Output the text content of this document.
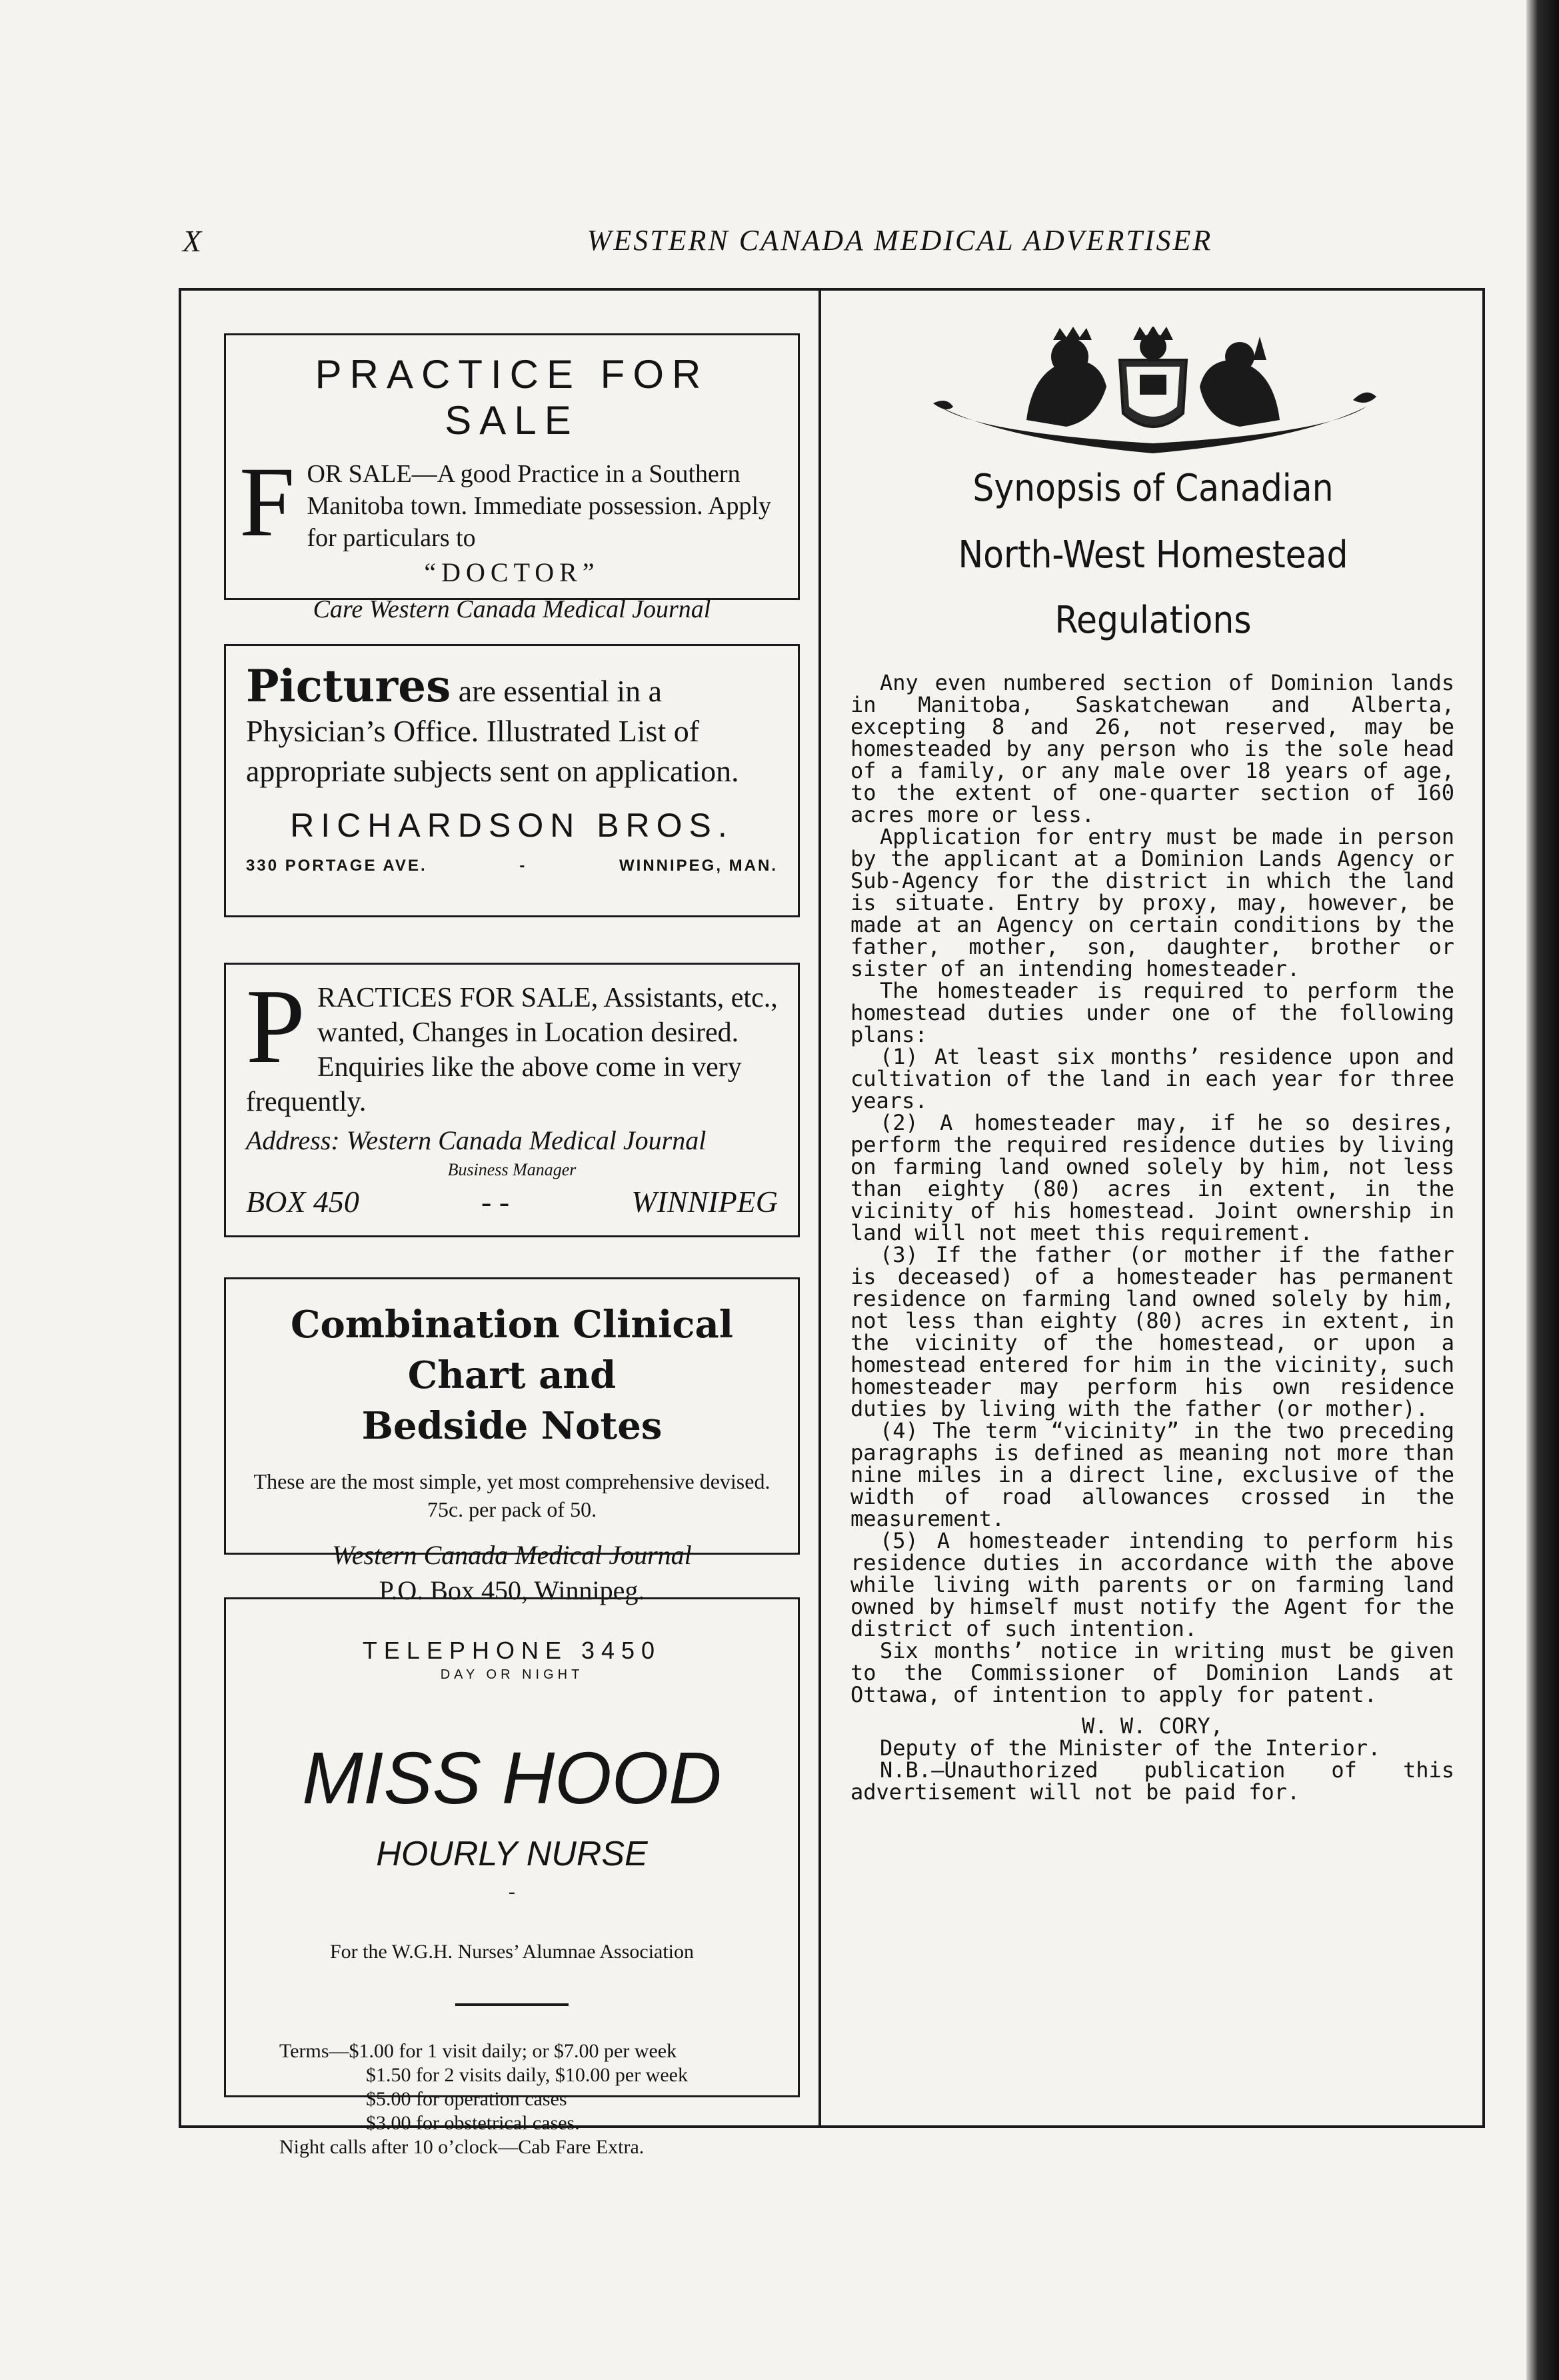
X	WESTERN CANADA MEDICAL ADVERTISER
PRACTICE FOR SALE
F OR SALE—A good Practice in a Southern Manitoba town. Immediate possession. Apply for particulars to
“DOCTOR”
Care Western Canada Medical Journal
Pictures are essential in a Physician’s Office. Illustrated List of appropriate subjects sent on application.
RICHARDSON BROS.
330 PORTAGE AVE.	-	WINNIPEG, MAN.
P RACTICES FOR SALE, Assistants, etc., wanted, Changes in Location desired. Enquiries like the above come in very frequently.
Address: Western Canada Medical Journal
Business Manager
BOX 450	- -	WINNIPEG
Combination Clinical Chart and
Bedside Notes
These are the most simple, yet most comprehensive devised. 75c. per pack of 50.
Western Canada Medical Journal
P.O. Box 450, Winnipeg.
TELEPHONE 3450
DAY OR NIGHT
MISS HOOD
HOURLY NURSE
-
For the W.G.H. Nurses’ Alumnae Association
Terms—$1.00 for 1 visit daily; or $7.00 per week
$1.50 for 2 visits daily, $10.00 per week
$5.00 for operation cases
$3.00 for obstetrical cases.
Night calls after 10 o’clock—Cab Fare Extra.
Synopsis of Canadian
North-West Homestead
Regulations

Any even numbered section of Dominion lands in Manitoba, Saskatchewan and Alberta, excepting 8 and 26, not reserved, may be homesteaded by any person who is the sole head of a family, or any male over 18 years of age, to the extent of one-quarter section of 160 acres more or less.

Application for entry must be made in person by the applicant at a Dominion Lands Agency or Sub-Agency for the district in which the land is situate. Entry by proxy, may, however, be made at an Agency on certain conditions by the father, mother, son, daughter, brother or sister of an intending homesteader.

The homesteader is required to perform the homestead duties under one of the following plans:

(1) At least six months’ residence upon and cultivation of the land in each year for three years.

(2) A homesteader may, if he so desires, perform the required residence duties by living on farming land owned solely by him, not less than eighty (80) acres in extent, in the vicinity of his homestead. Joint ownership in land will not meet this requirement.

(3) If the father (or mother if the father is deceased) of a homesteader has permanent residence on farming land owned solely by him, not less than eighty (80) acres in extent, in the vicinity of the homestead, or upon a homestead entered for him in the vicinity, such homesteader may perform his own residence duties by living with the father (or mother).

(4) The term “vicinity” in the two preceding paragraphs is defined as meaning not more than nine miles in a direct line, exclusive of the width of road allowances crossed in the measurement.

(5) A homesteader intending to perform his residence duties in accordance with the above while living with parents or on farming land owned by himself must notify the Agent for the district of such intention.

Six months’ notice in writing must be given to the Commissioner of Dominion Lands at Ottawa, of intention to apply for patent.

W. W. CORY,

Deputy of the Minister of the Interior.

N.B.—Unauthorized publication of this advertisement will not be paid for.
